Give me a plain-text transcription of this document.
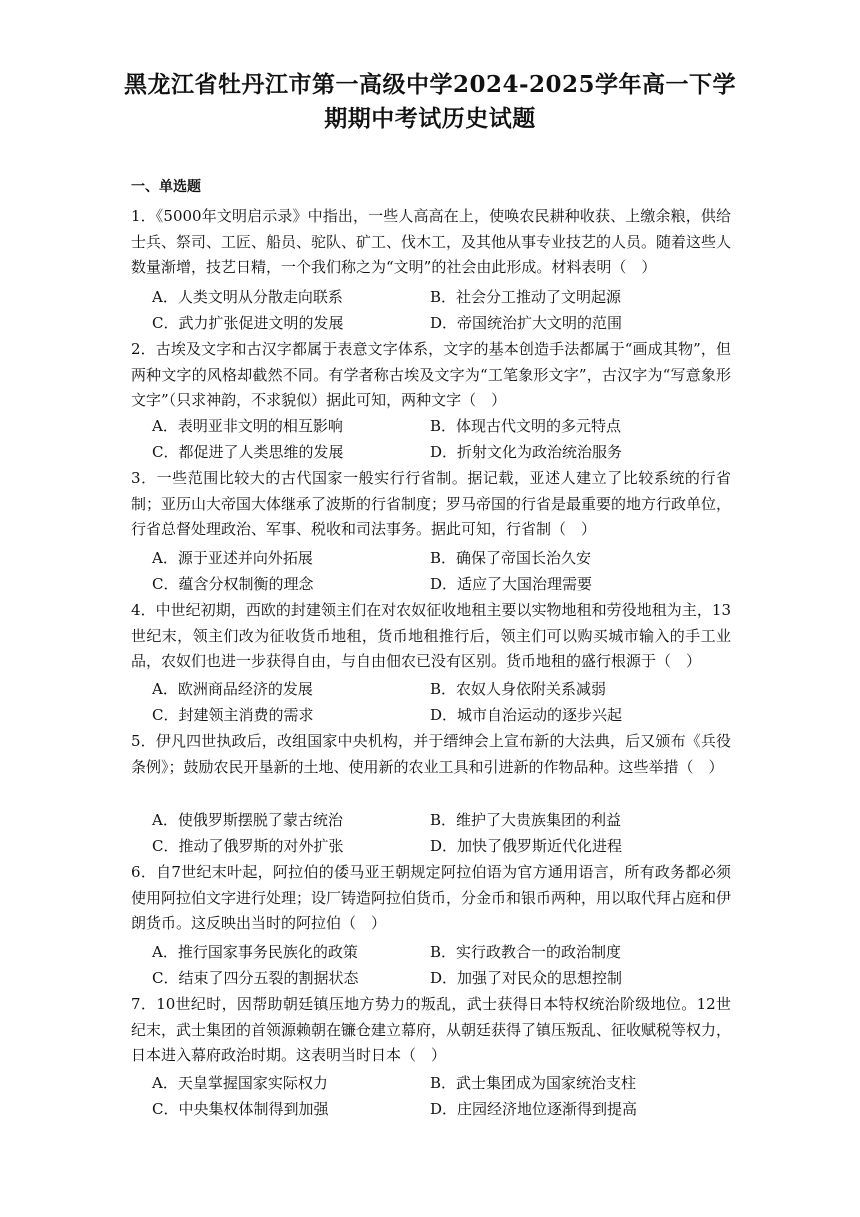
黑龙江省牡丹江市第一高级中学2024-2025学年高一下学
期期中考试历史试题
一、单选题
1．《5000年文明启示录》中指出，一些人高高在上，使唤农民耕种收获、上缴余粮，供给士兵、祭司、工匠、船员、驼队、矿工、伐木工，及其他从事专业技艺的人员。随着这些人数量渐增，技艺日精，一个我们称之为“文明”的社会由此形成。材料表明（　）
A．人类文明从分散走向联系	B．社会分工推动了文明起源
C．武力扩张促进文明的发展	D．帝国统治扩大文明的范围
2．古埃及文字和古汉字都属于表意文字体系，文字的基本创造手法都属于“画成其物”，但两种文字的风格却截然不同。有学者称古埃及文字为“工笔象形文字”，古汉字为“写意象形文字”（只求神韵，不求貌似）据此可知，两种文字（　）
A．表明亚非文明的相互影响	B．体现古代文明的多元特点
C．都促进了人类思维的发展	D．折射文化为政治统治服务
3．一些范围比较大的古代国家一般实行行省制。据记载，亚述人建立了比较系统的行省制；亚历山大帝国大体继承了波斯的行省制度；罗马帝国的行省是最重要的地方行政单位，行省总督处理政治、军事、税收和司法事务。据此可知，行省制（　）
A．源于亚述并向外拓展	B．确保了帝国长治久安
C．蕴含分权制衡的理念	D．适应了大国治理需要
4．中世纪初期，西欧的封建领主们在对农奴征收地租主要以实物地租和劳役地租为主，13世纪末，领主们改为征收货币地租，货币地租推行后，领主们可以购买城市输入的手工业品，农奴们也进一步获得自由，与自由佃农已没有区别。货币地租的盛行根源于（　）
A．欧洲商品经济的发展	B．农奴人身依附关系减弱
C．封建领主消费的需求	D．城市自治运动的逐步兴起
5．伊凡四世执政后，改组国家中央机构，并于缙绅会上宣布新的大法典，后又颁布《兵役条例》；鼓励农民开垦新的土地、使用新的农业工具和引进新的作物品种。这些举措（　）
A．使俄罗斯摆脱了蒙古统治	B．维护了大贵族集团的利益
C．推动了俄罗斯的对外扩张	D．加快了俄罗斯近代化进程
6．自7世纪末叶起，阿拉伯的倭马亚王朝规定阿拉伯语为官方通用语言，所有政务都必须使用阿拉伯文字进行处理；设厂铸造阿拉伯货币，分金币和银币两种，用以取代拜占庭和伊朗货币。这反映出当时的阿拉伯（　）
A．推行国家事务民族化的政策	B．实行政教合一的政治制度
C．结束了四分五裂的割据状态	D．加强了对民众的思想控制
7．10世纪时，因帮助朝廷镇压地方势力的叛乱，武士获得日本特权统治阶级地位。12世纪末，武士集团的首领源赖朝在镰仓建立幕府，从朝廷获得了镇压叛乱、征收赋税等权力，日本进入幕府政治时期。这表明当时日本（　）
A．天皇掌握国家实际权力	B．武士集团成为国家统治支柱
C．中央集权体制得到加强	D．庄园经济地位逐渐得到提高
